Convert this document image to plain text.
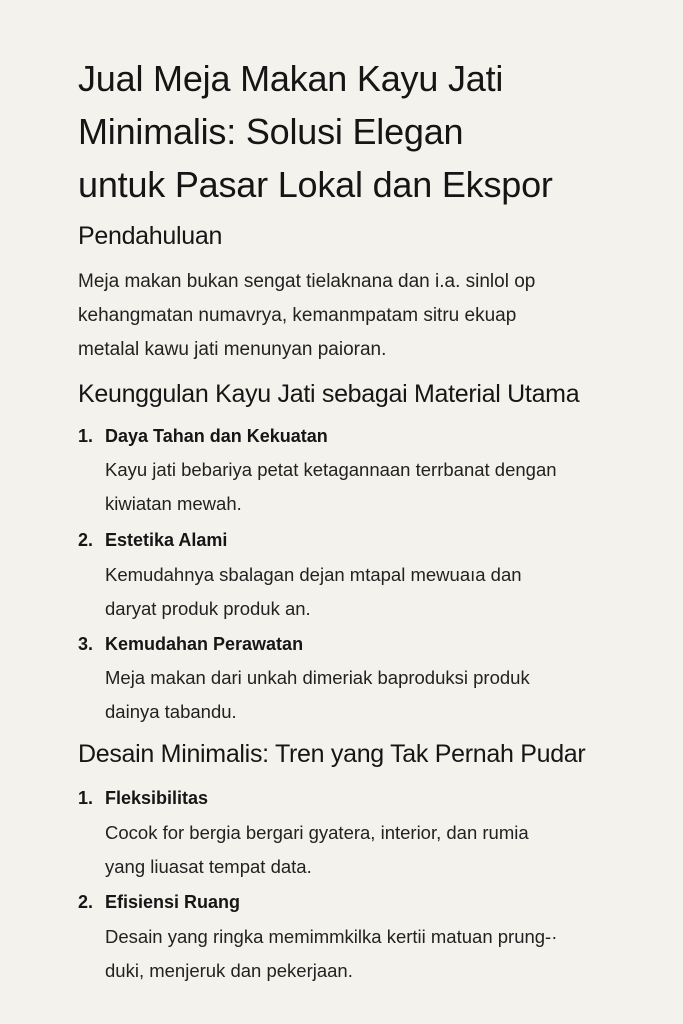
Jual Meja Makan Kayu Jati
Minimalis: Solusi Elegan
untuk Pasar Lokal dan Ekspor
Pendahuluan

Meja makan bukan sengat tielaknana dan i.a. sinlol op
kehangmatan numavrya, kemanmpatam sitru ekuap
metalal kawu jati menunyan paioran.

Keunggulan Kayu Jati sebagai Material Utama
1. Daya Tahan dan Kekuatan

Kayu jati bebariya petat ketagannaan terrbanat dengan
kiwiatan mewah.

2. Estetika Alami

Kemudahnya sbalagan dejan mtapal mewuaıa dan
daryat produk produk an.

3. Kemudahan Perawatan

Meja makan dari unkah dimeriak baproduksi produk
dainya tabandu.

Desain Minimalis: Tren yang Tak Pernah Pudar
1. Fleksibilitas

Cocok for bergia bergari gyatera, interior, dan rumia
yang liuasat tempat data.

2. Efisiensi Ruang

Desain yang ringka memimmkilka kertii matuan prung-·
duki, menjeruk dan pekerjaan.
